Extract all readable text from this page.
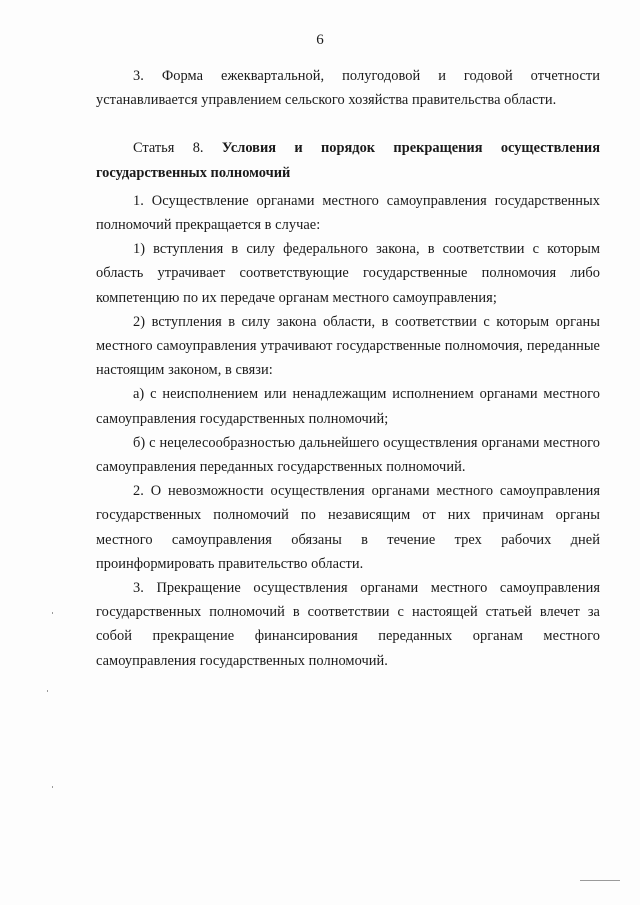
6

3. Форма ежеквартальной, полугодовой и годовой отчетности устанавливается управлением сельского хозяйства правительства области.

Статья 8. Условия и порядок прекращения осуществления государственных полномочий

1. Осуществление органами местного самоуправления государственных полномочий прекращается в случае:

1) вступления в силу федерального закона, в соответствии с которым область утрачивает соответствующие государственные полномочия либо компетенцию по их передаче органам местного самоуправления;

2) вступления в силу закона области, в соответствии с которым органы местного самоуправления утрачивают государственные полномочия, переданные настоящим законом, в связи:

а) с неисполнением или ненадлежащим исполнением органами местного самоуправления государственных полномочий;

б) с нецелесообразностью дальнейшего осуществления органами местного самоуправления переданных государственных полномочий.

2. О невозможности осуществления органами местного самоуправления государственных полномочий по независящим от них причинам органы местного самоуправления обязаны в течение трех рабочих дней проинформировать правительство области.

3. Прекращение осуществления органами местного самоуправления государственных полномочий в соответствии с настоящей статьей влечет за собой прекращение финансирования переданных органам местного самоуправления государственных полномочий.
